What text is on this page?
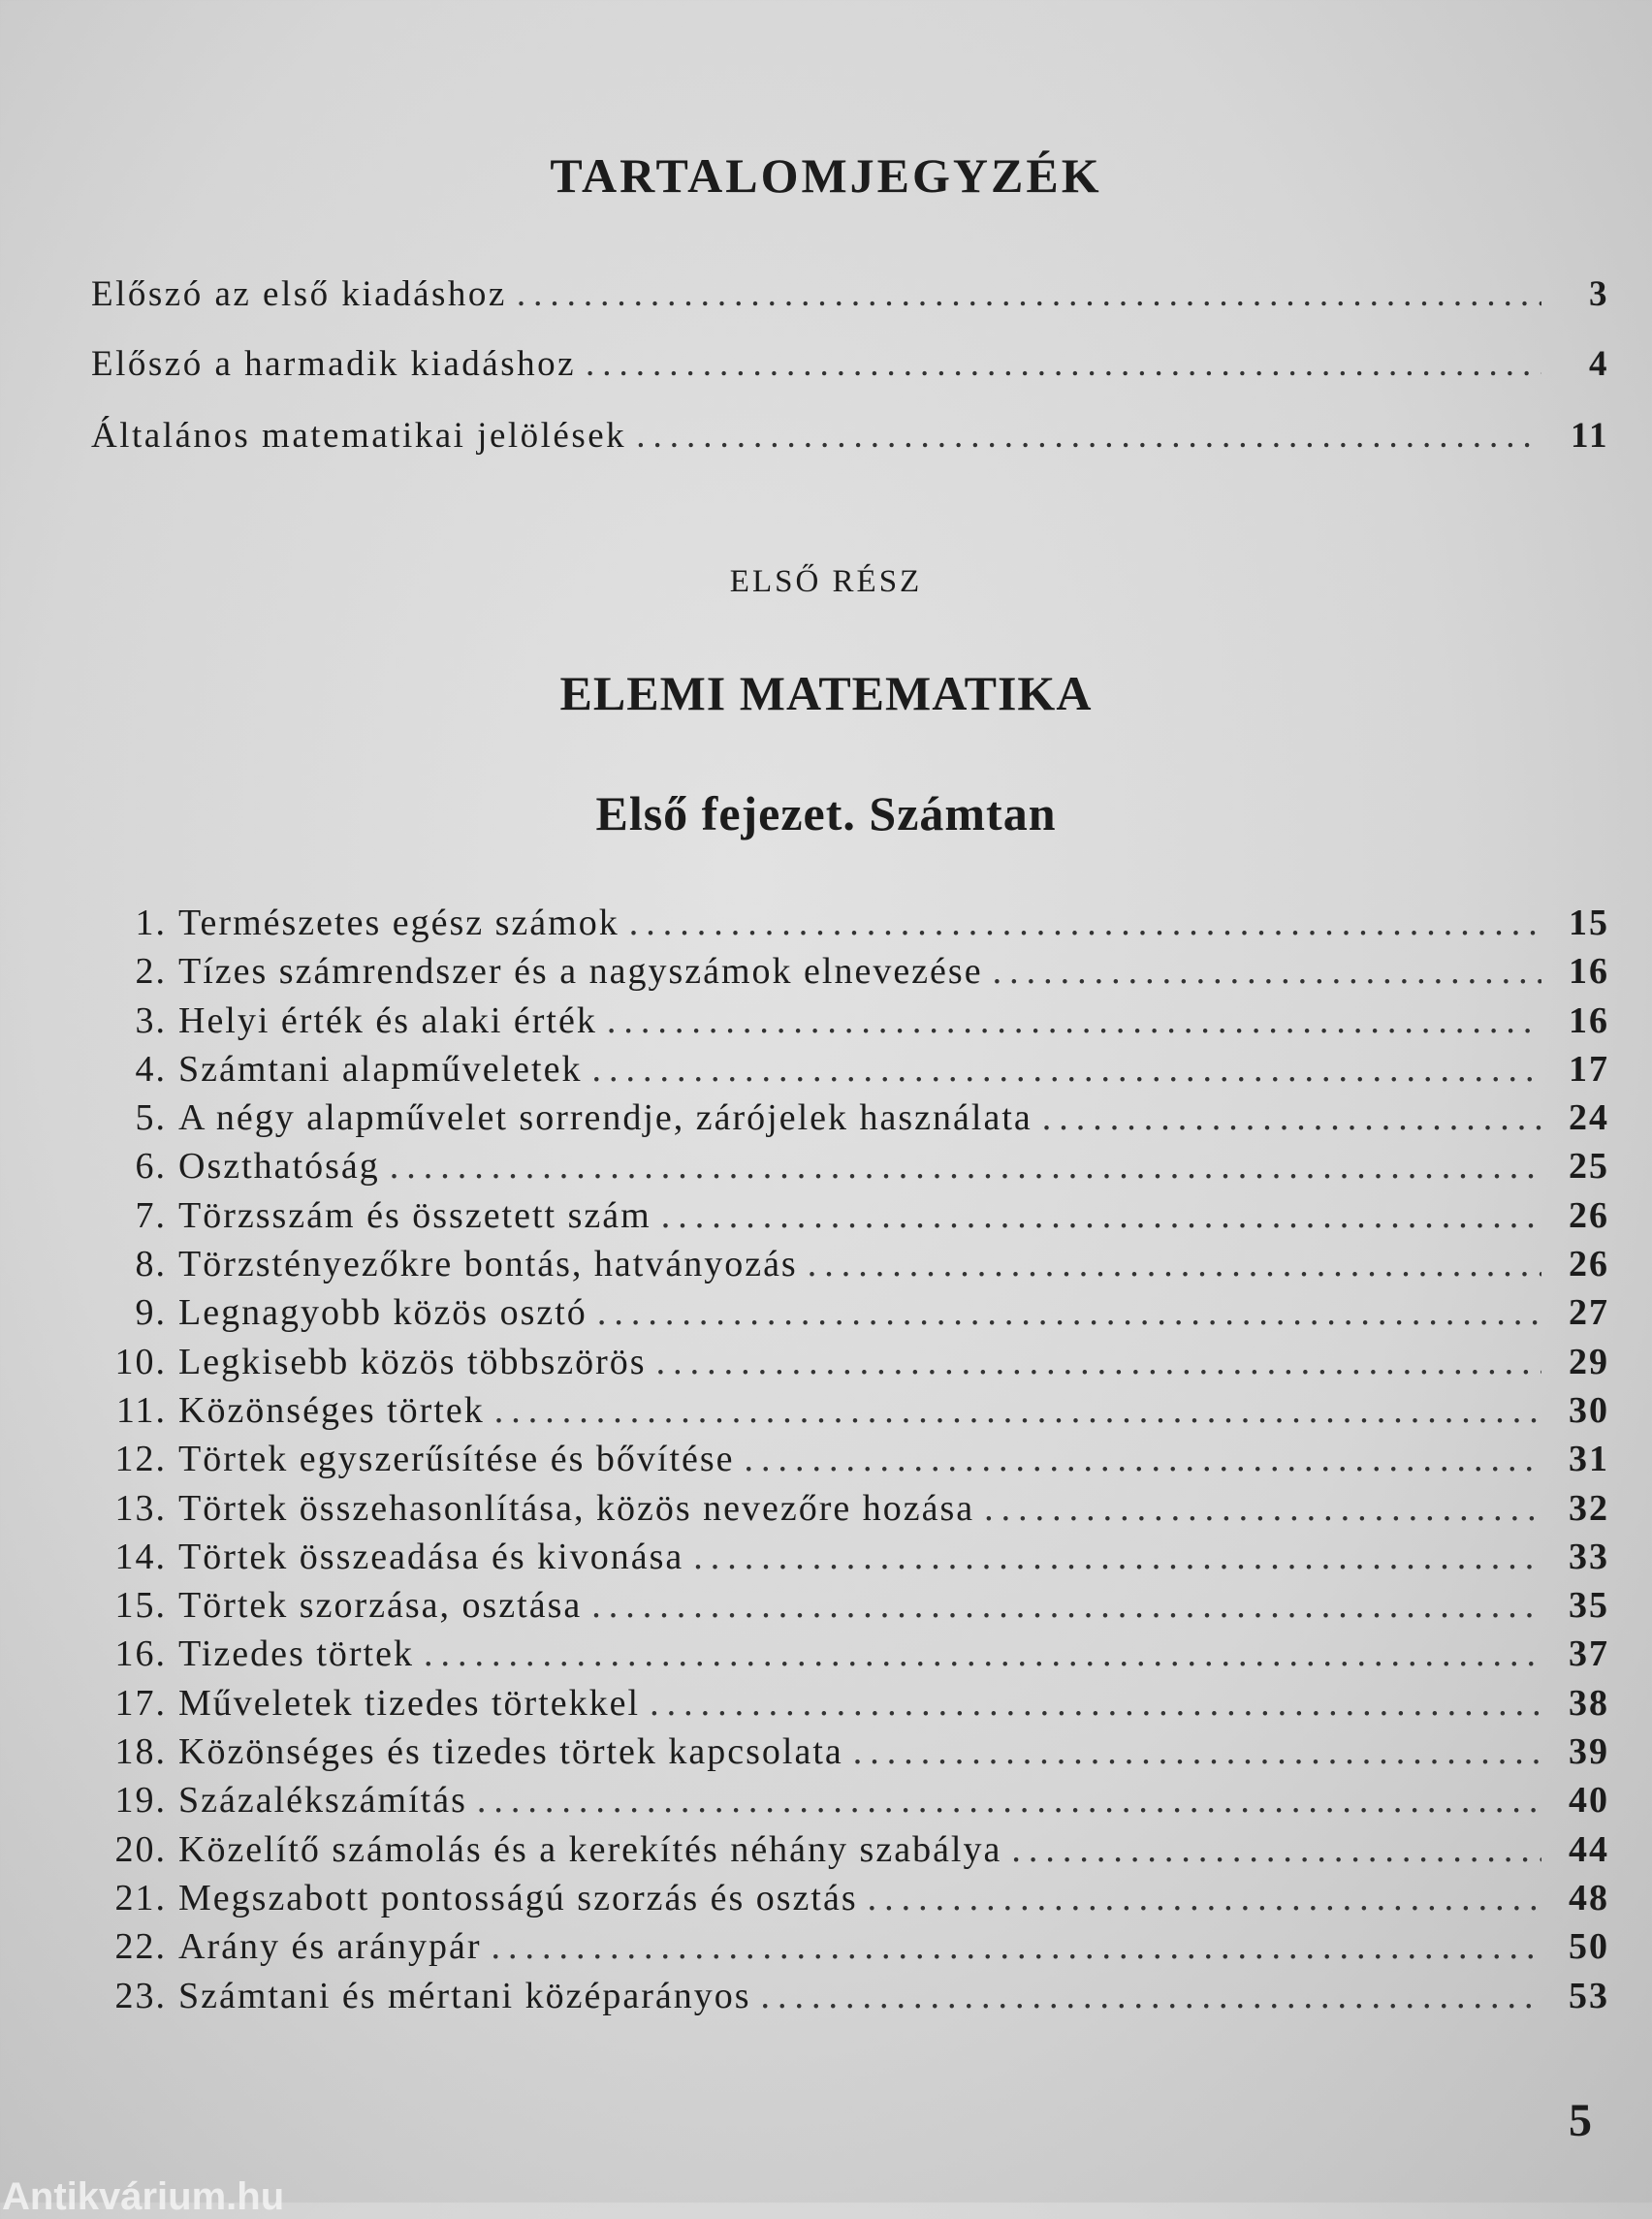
TARTALOMJEGYZÉK
Előszó az első kiadáshoz .....	3
Előszó a harmadik kiadáshoz .....	4
Általános matematikai jelölések .....	11
ELSŐ RÉSZ
ELEMI MATEMATIKA
Első fejezet. Számtan
1. Természetes egész számok .....	15
2. Tízes számrendszer és a nagyszámok elnevezése .....	16
3. Helyi érték és alaki érték .....	16
4. Számtani alapműveletek .....	17
5. A négy alapművelet sorrendje, zárójelek használata .....	24
6. Oszthatóság .....	25
7. Törzsszám és összetett szám .....	26
8. Törzstényezőkre bontás, hatványozás .....	26
9. Legnagyobb közös osztó .....	27
10. Legkisebb közös többszörös .....	29
11. Közönséges törtek .....	30
12. Törtek egyszerűsítése és bővítése .....	31
13. Törtek összehasonlítása, közös nevezőre hozása .....	32
14. Törtek összeadása és kivonása .....	33
15. Törtek szorzása, osztása .....	35
16. Tizedes törtek .....	37
17. Műveletek tizedes törtekkel .....	38
18. Közönséges és tizedes törtek kapcsolata .....	39
19. Százalékszámítás .....	40
20. Közelítő számolás és a kerekítés néhány szabálya .....	44
21. Megszabott pontosságú szorzás és osztás .....	48
22. Arány és aránypár .....	50
23. Számtani és mértani középarányos .....	53
5
Antikvárium.hu
